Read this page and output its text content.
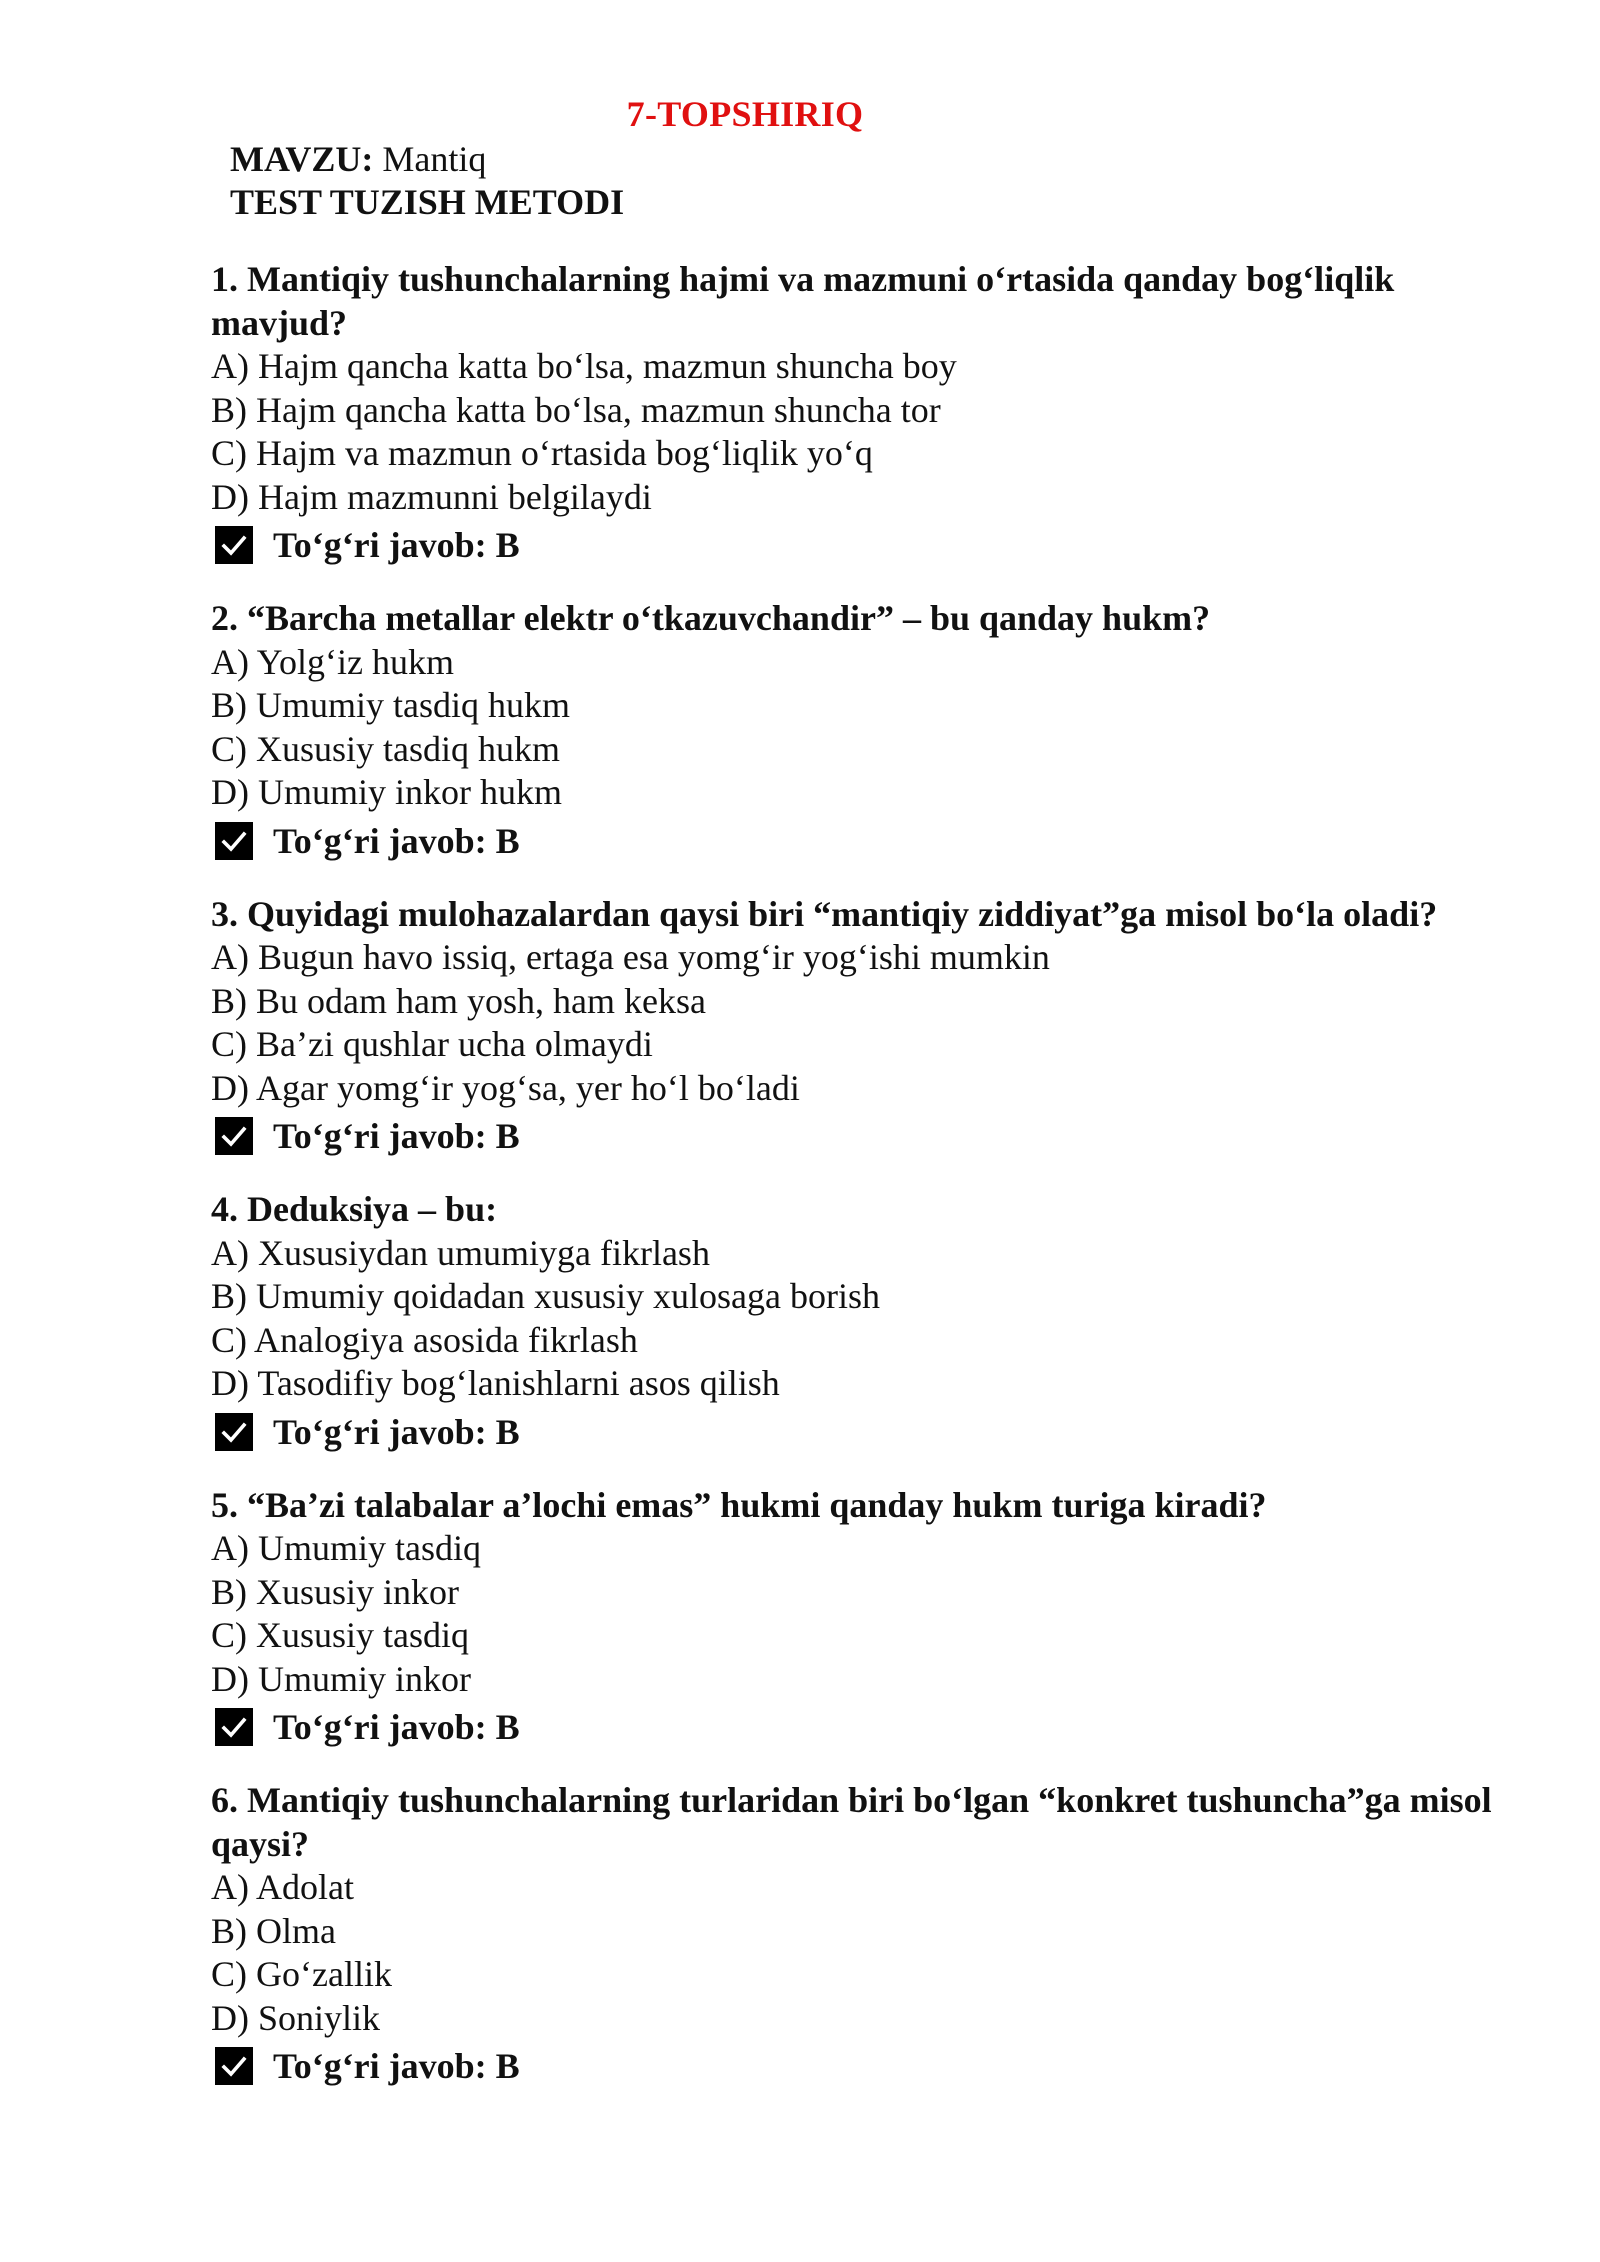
7-TOPSHIRIQ
MAVZU: Mantiq
TEST TUZISH METODI

1. Mantiqiy tushunchalarning hajmi va mazmuni o‘rtasida qanday bog‘liqlik mavjud?

A) Hajm qancha katta bo‘lsa, mazmun shuncha boy
B) Hajm qancha katta bo‘lsa, mazmun shuncha tor
C) Hajm va mazmun o‘rtasida bog‘liqlik yo‘q
D) Hajm mazmunni belgilaydi
To‘g‘ri javob: B

2. “Barcha metallar elektr o‘tkazuvchandir” – bu qanday hukm?

A) Yolg‘iz hukm
B) Umumiy tasdiq hukm
C) Xususiy tasdiq hukm
D) Umumiy inkor hukm
To‘g‘ri javob: B

3. Quyidagi mulohazalardan qaysi biri “mantiqiy ziddiyat”ga misol bo‘la oladi?

A) Bugun havo issiq, ertaga esa yomg‘ir yog‘ishi mumkin
B) Bu odam ham yosh, ham keksa
C) Ba’zi qushlar ucha olmaydi
D) Agar yomg‘ir yog‘sa, yer ho‘l bo‘ladi
To‘g‘ri javob: B

4. Deduksiya – bu:

A) Xususiydan umumiyga fikrlash
B) Umumiy qoidadan xususiy xulosaga borish
C) Analogiya asosida fikrlash
D) Tasodifiy bog‘lanishlarni asos qilish
To‘g‘ri javob: B

5. “Ba’zi talabalar a’lochi emas” hukmi qanday hukm turiga kiradi?

A) Umumiy tasdiq
B) Xususiy inkor
C) Xususiy tasdiq
D) Umumiy inkor
To‘g‘ri javob: B

6. Mantiqiy tushunchalarning turlaridan biri bo‘lgan “konkret tushuncha”ga misol qaysi?

A) Adolat
B) Olma
C) Go‘zallik
D) Soniylik
To‘g‘ri javob: B
